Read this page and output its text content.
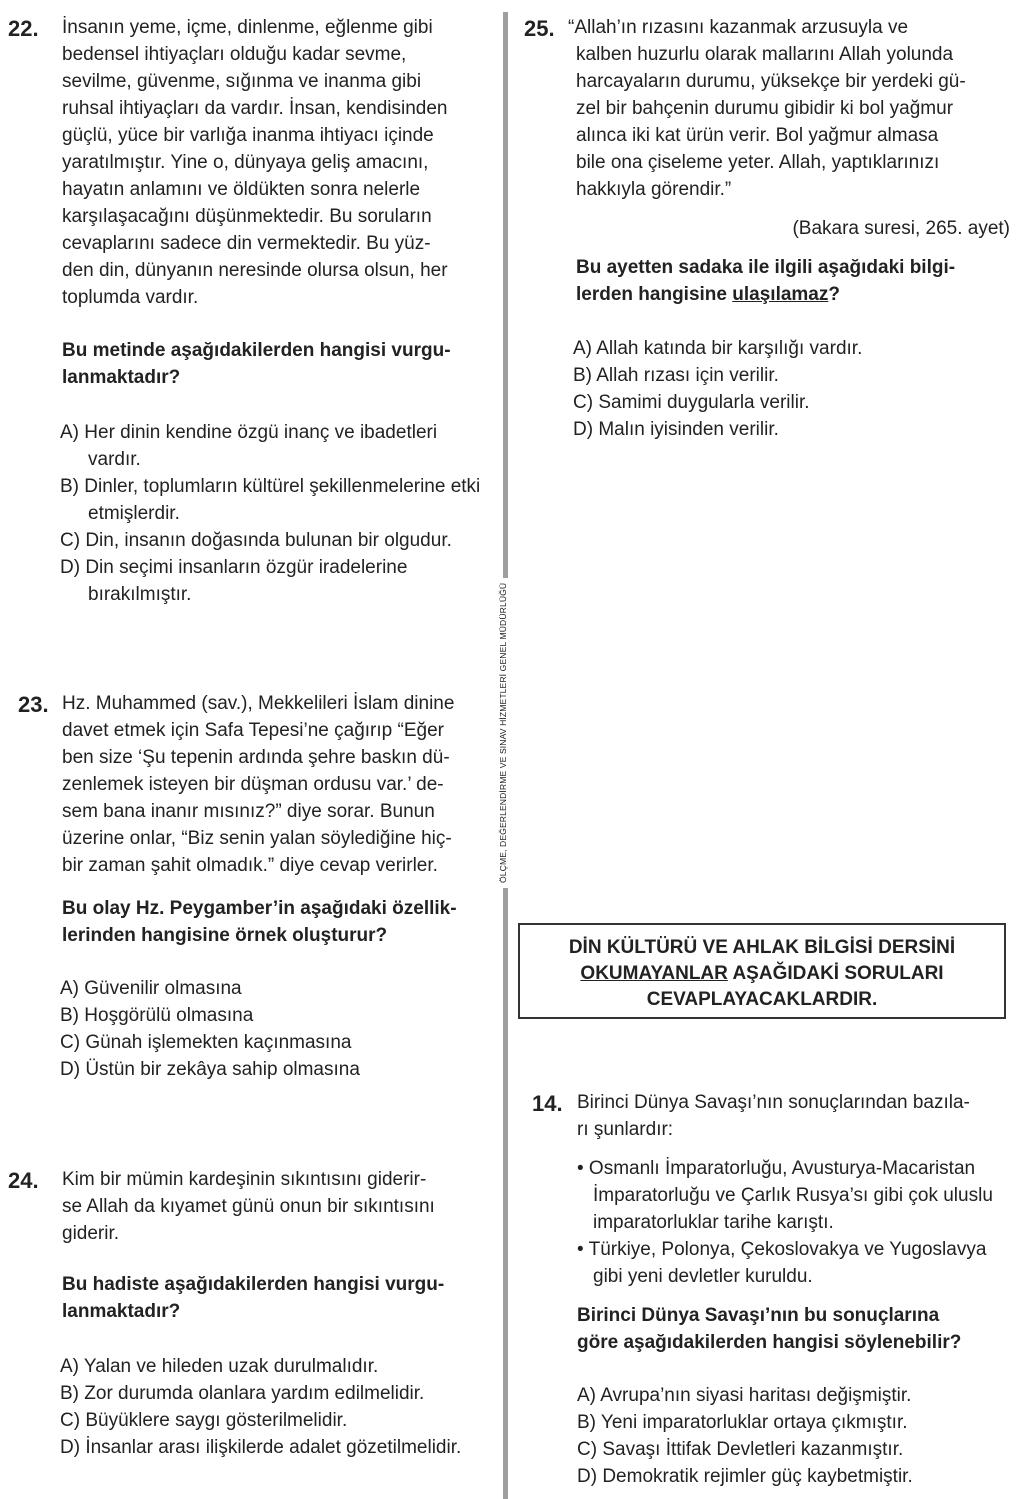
ÖLÇME, DEĞERLENDİRME VE SINAV HİZMETLERİ GENEL MÜDÜRLÜĞÜ
22. İnsanın yeme, içme, dinlenme, eğlenme gibi
bedensel ihtiyaçları olduğu kadar sevme,
sevilme, güvenme, sığınma ve inanma gibi
ruhsal ihtiyaçları da vardır. İnsan, kendisinden
güçlü, yüce bir varlığa inanma ihtiyacı içinde
yaratılmıştır. Yine o, dünyaya geliş amacını,
hayatın anlamını ve öldükten sonra nelerle
karşılaşacağını düşünmektedir. Bu soruların
cevaplarını sadece din vermektedir. Bu yüz-
den din, dünyanın neresinde olursa olsun, her
toplumda vardır.
Bu metinde aşağıdakilerden hangisi vurgu-
lanmaktadır?
A) Her dinin kendine özgü inanç ve ibadetleri vardır.
B) Dinler, toplumların kültürel şekillenmelerine etki etmişlerdir.
C) Din, insanın doğasında bulunan bir olgudur.
D) Din seçimi insanların özgür iradelerine bırakılmıştır.
23. Hz. Muhammed (sav.), Mekkelileri İslam dinine
davet etmek için Safa Tepesi’ne çağırıp “Eğer
ben size ‘Şu tepenin ardında şehre baskın dü-
zenlemek isteyen bir düşman ordusu var.’ de-
sem bana inanır mısınız?” diye sorar. Bunun
üzerine onlar, “Biz senin yalan söylediğine hiç-
bir zaman şahit olmadık.” diye cevap verirler.
Bu olay Hz. Peygamber’in aşağıdaki özellik-
lerinden hangisine örnek oluşturur?
A) Güvenilir olmasına
B) Hoşgörülü olmasına
C) Günah işlemekten kaçınmasına
D) Üstün bir zekâya sahip olmasına
24. Kim bir mümin kardeşinin sıkıntısını giderir-
se Allah da kıyamet günü onun bir sıkıntısını
giderir.
Bu hadiste aşağıdakilerden hangisi vurgu-
lanmaktadır?
A) Yalan ve hileden uzak durulmalıdır.
B) Zor durumda olanlara yardım edilmelidir.
C) Büyüklere saygı gösterilmelidir.
D) İnsanlar arası ilişkilerde adalet gözetilmelidir.
25. “Allah’ın rızasını kazanmak arzusuyla ve
kalben huzurlu olarak mallarını Allah yolunda
harcayaların durumu, yüksekçe bir yerdeki gü-
zel bir bahçenin durumu gibidir ki bol yağmur
alınca iki kat ürün verir. Bol yağmur almasa
bile ona çiseleme yeter. Allah, yaptıklarınızı
hakkıyla görendir.”
(Bakara suresi, 265. ayet)
Bu ayetten sadaka ile ilgili aşağıdaki bilgi-
lerden hangisine ulaşılamaz?
A) Allah katında bir karşılığı vardır.
B) Allah rızası için verilir.
C) Samimi duygularla verilir.
D) Malın iyisinden verilir.
DİN KÜLTÜRÜ VE AHLAK BİLGİSİ DERSİNİ
OKUMAYANLAR AŞAĞIDAKİ SORULARI
CEVAPLAYACAKLARDIR.
14. Birinci Dünya Savaşı’nın sonuçlarından bazıla-
rı şunlardır:
• Osmanlı İmparatorluğu, Avusturya-Macaristan İmparatorluğu ve Çarlık Rusya’sı gibi çok uluslu imparatorluklar tarihe karıştı.
• Türkiye, Polonya, Çekoslovakya ve Yugoslavya gibi yeni devletler kuruldu.
Birinci Dünya Savaşı’nın bu sonuçlarına
göre aşağıdakilerden hangisi söylenebilir?
A) Avrupa’nın siyasi haritası değişmiştir.
B) Yeni imparatorluklar ortaya çıkmıştır.
C) Savaşı İttifak Devletleri kazanmıştır.
D) Demokratik rejimler güç kaybetmiştir.
